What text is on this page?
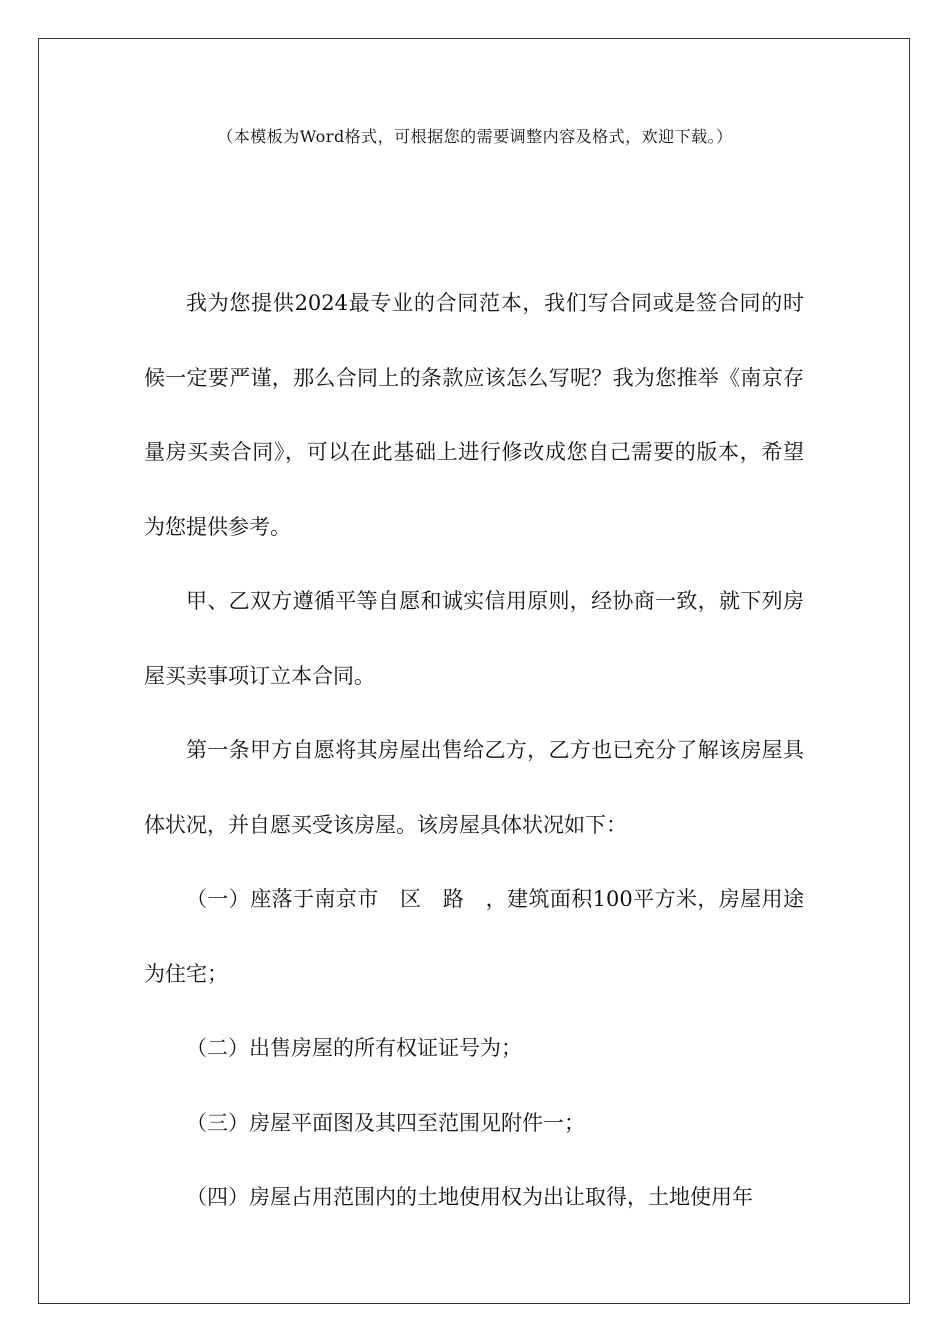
（本模板为Word格式，可根据您的需要调整内容及格式，欢迎下载。）

我为您提供2024最专业的合同范本，我们写合同或是签合同的时候一定要严谨，那么合同上的条款应该怎么写呢？我为您推举《南京存量房买卖合同》，可以在此基础上进行修改成您自己需要的版本，希望为您提供参考。

甲、乙双方遵循平等自愿和诚实信用原则，经协商一致，就下列房屋买卖事项订立本合同。

第一条甲方自愿将其房屋出售给乙方，乙方也已充分了解该房屋具体状况，并自愿买受该房屋。该房屋具体状况如下：

（一）座落于南京市　区　路　，建筑面积100平方米，房屋用途为住宅；

（二）出售房屋的所有权证证号为；

（三）房屋平面图及其四至范围见附件一；

（四）房屋占用范围内的土地使用权为出让取得，土地使用年
